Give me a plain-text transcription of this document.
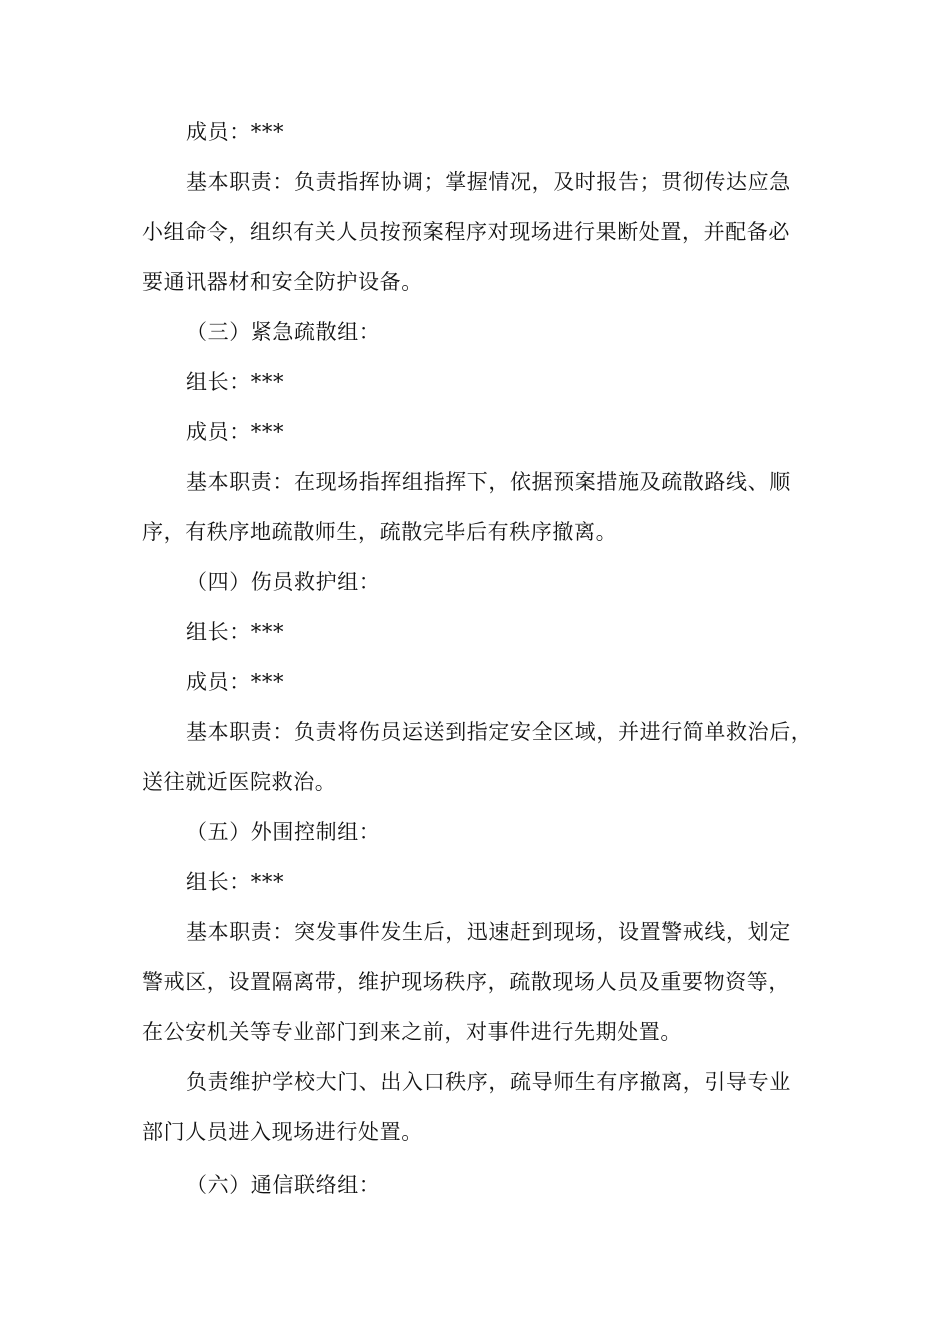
成员：***
基本职责：负责指挥协调；掌握情况，及时报告；贯彻传达应急
小组命令，组织有关人员按预案程序对现场进行果断处置，并配备必
要通讯器材和安全防护设备。
（三）紧急疏散组：
组长：***
成员：***
基本职责：在现场指挥组指挥下，依据预案措施及疏散路线、顺
序，有秩序地疏散师生，疏散完毕后有秩序撤离。
（四）伤员救护组：
组长：***
成员：***
基本职责：负责将伤员运送到指定安全区域，并进行简单救治后，
送往就近医院救治。
（五）外围控制组：
组长：***
基本职责：突发事件发生后，迅速赶到现场，设置警戒线，划定
警戒区，设置隔离带，维护现场秩序，疏散现场人员及重要物资等，
在公安机关等专业部门到来之前，对事件进行先期处置。
负责维护学校大门、出入口秩序，疏导师生有序撤离，引导专业
部门人员进入现场进行处置。
（六）通信联络组：
